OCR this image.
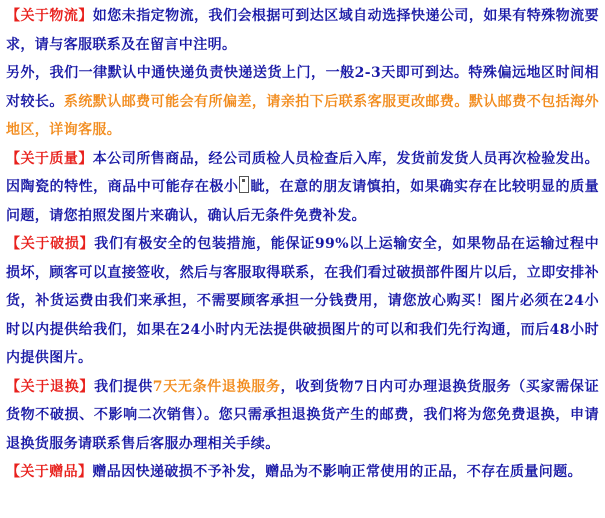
【关于物流】如您未指定物流，我们会根据可到达区域自动选择快递公司，如果有特殊物流要求，请与客服联系及在留言中注明。

另外，我们一律默认中通快递负责快递送货上门，一般2-3天即可到达。特殊偏远地区时间相对较长。系统默认邮费可能会有所偏差，请亲拍下后联系客服更改邮费。默认邮费不包括海外地区，详询客服。

【关于质量】本公司所售商品，经公司质检人员检查后入库，发货前发货人员再次检验发出。因陶瓷的特性，商品中可能存在极小 眦，在意的朋友请慎拍，如果确实存在比较明显的质量问题，请您拍照发图片来确认，确认后无条件免费补发。

【关于破损】我们有极安全的包装措施，能保证99%以上运输安全，如果物品在运输过程中损坏，顾客可以直接签收，然后与客服取得联系，在我们看过破损部件图片以后，立即安排补货，补货运费由我们来承担，不需要顾客承担一分钱费用，请您放心购买！图片必须在24小时以内提供给我们，如果在24小时内无法提供破损图片的可以和我们先行沟通，而后48小时内提供图片。

【关于退换】我们提供7天无条件退换服务，收到货物7日内可办理退换货服务（买家需保证货物不破损、不影响二次销售）。您只需承担退换货产生的邮费，我们将为您免费退换，申请退换货服务请联系售后客服办理相关手续。

【关于赠品】赠品因快递破损不予补发，赠品为不影响正常使用的正品，不存在质量问题。
